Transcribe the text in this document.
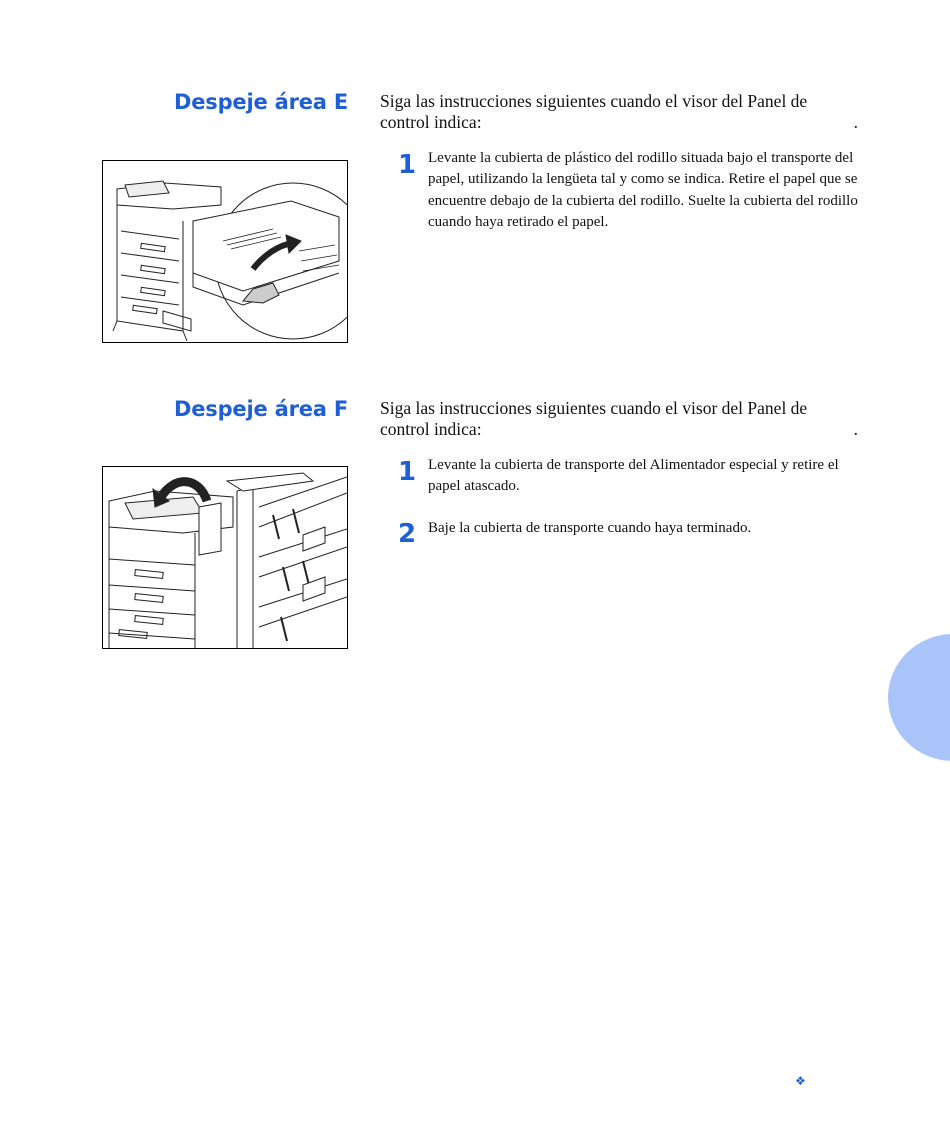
Despeje área E Siga las instrucciones siguientes cuando el visor del Panel de control indica:	.

1 Levante la cubierta de plástico del rodillo situada bajo el transporte del papel, utilizando la lengüeta tal y como se indica. Retire el papel que se encuentre debajo de la cubierta del rodillo. Suelte la cubierta del rodillo cuando haya retirado el papel.

Despeje área F Siga las instrucciones siguientes cuando el visor del Panel de control indica:	.

1 Levante la cubierta de transporte del Alimentador especial y retire el papel atascado.

2 Baje la cubierta de transporte cuando haya terminado.

❖
